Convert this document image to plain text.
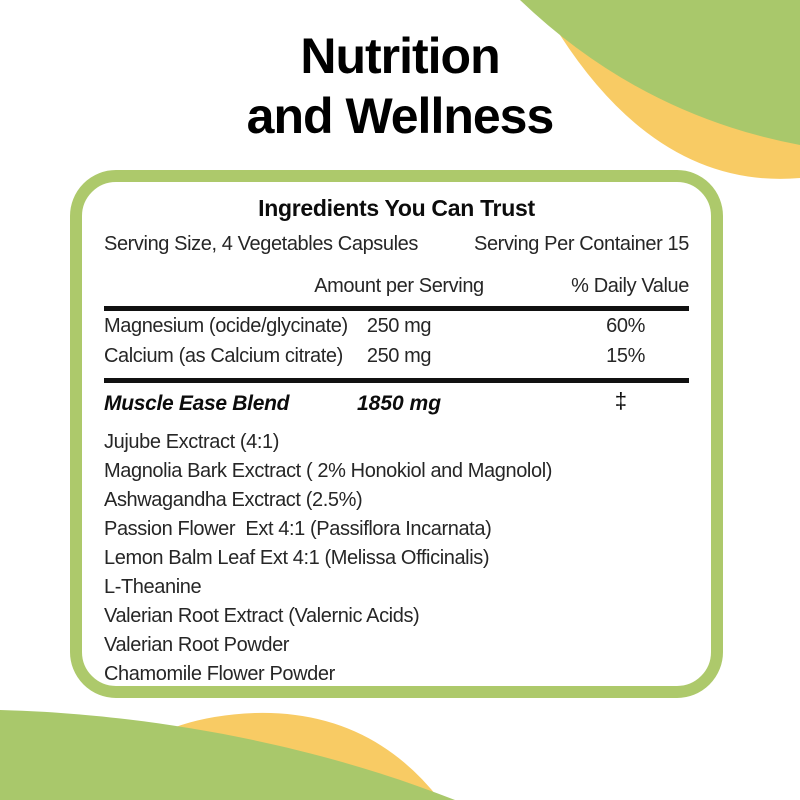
Nutrition
and Wellness
Ingredients You Can Trust
Serving Size, 4 Vegetables Capsules	Serving Per Container 15
Amount per Serving	% Daily Value
Magnesium (ocide/glycinate) 250 mg	60%
Calcium (as Calcium citrate) 250 mg	15%
Muscle Ease Blend	1850 mg	‡
Jujube Exctract (4:1)
Magnolia Bark Exctract ( 2% Honokiol and Magnolol)
Ashwagandha Exctract (2.5%)
Passion Flower  Ext 4:1 (Passiflora Incarnata)
Lemon Balm Leaf Ext 4:1 (Melissa Officinalis)
L-Theanine
Valerian Root Extract (Valernic Acids)
Valerian Root Powder
Chamomile Flower Powder
